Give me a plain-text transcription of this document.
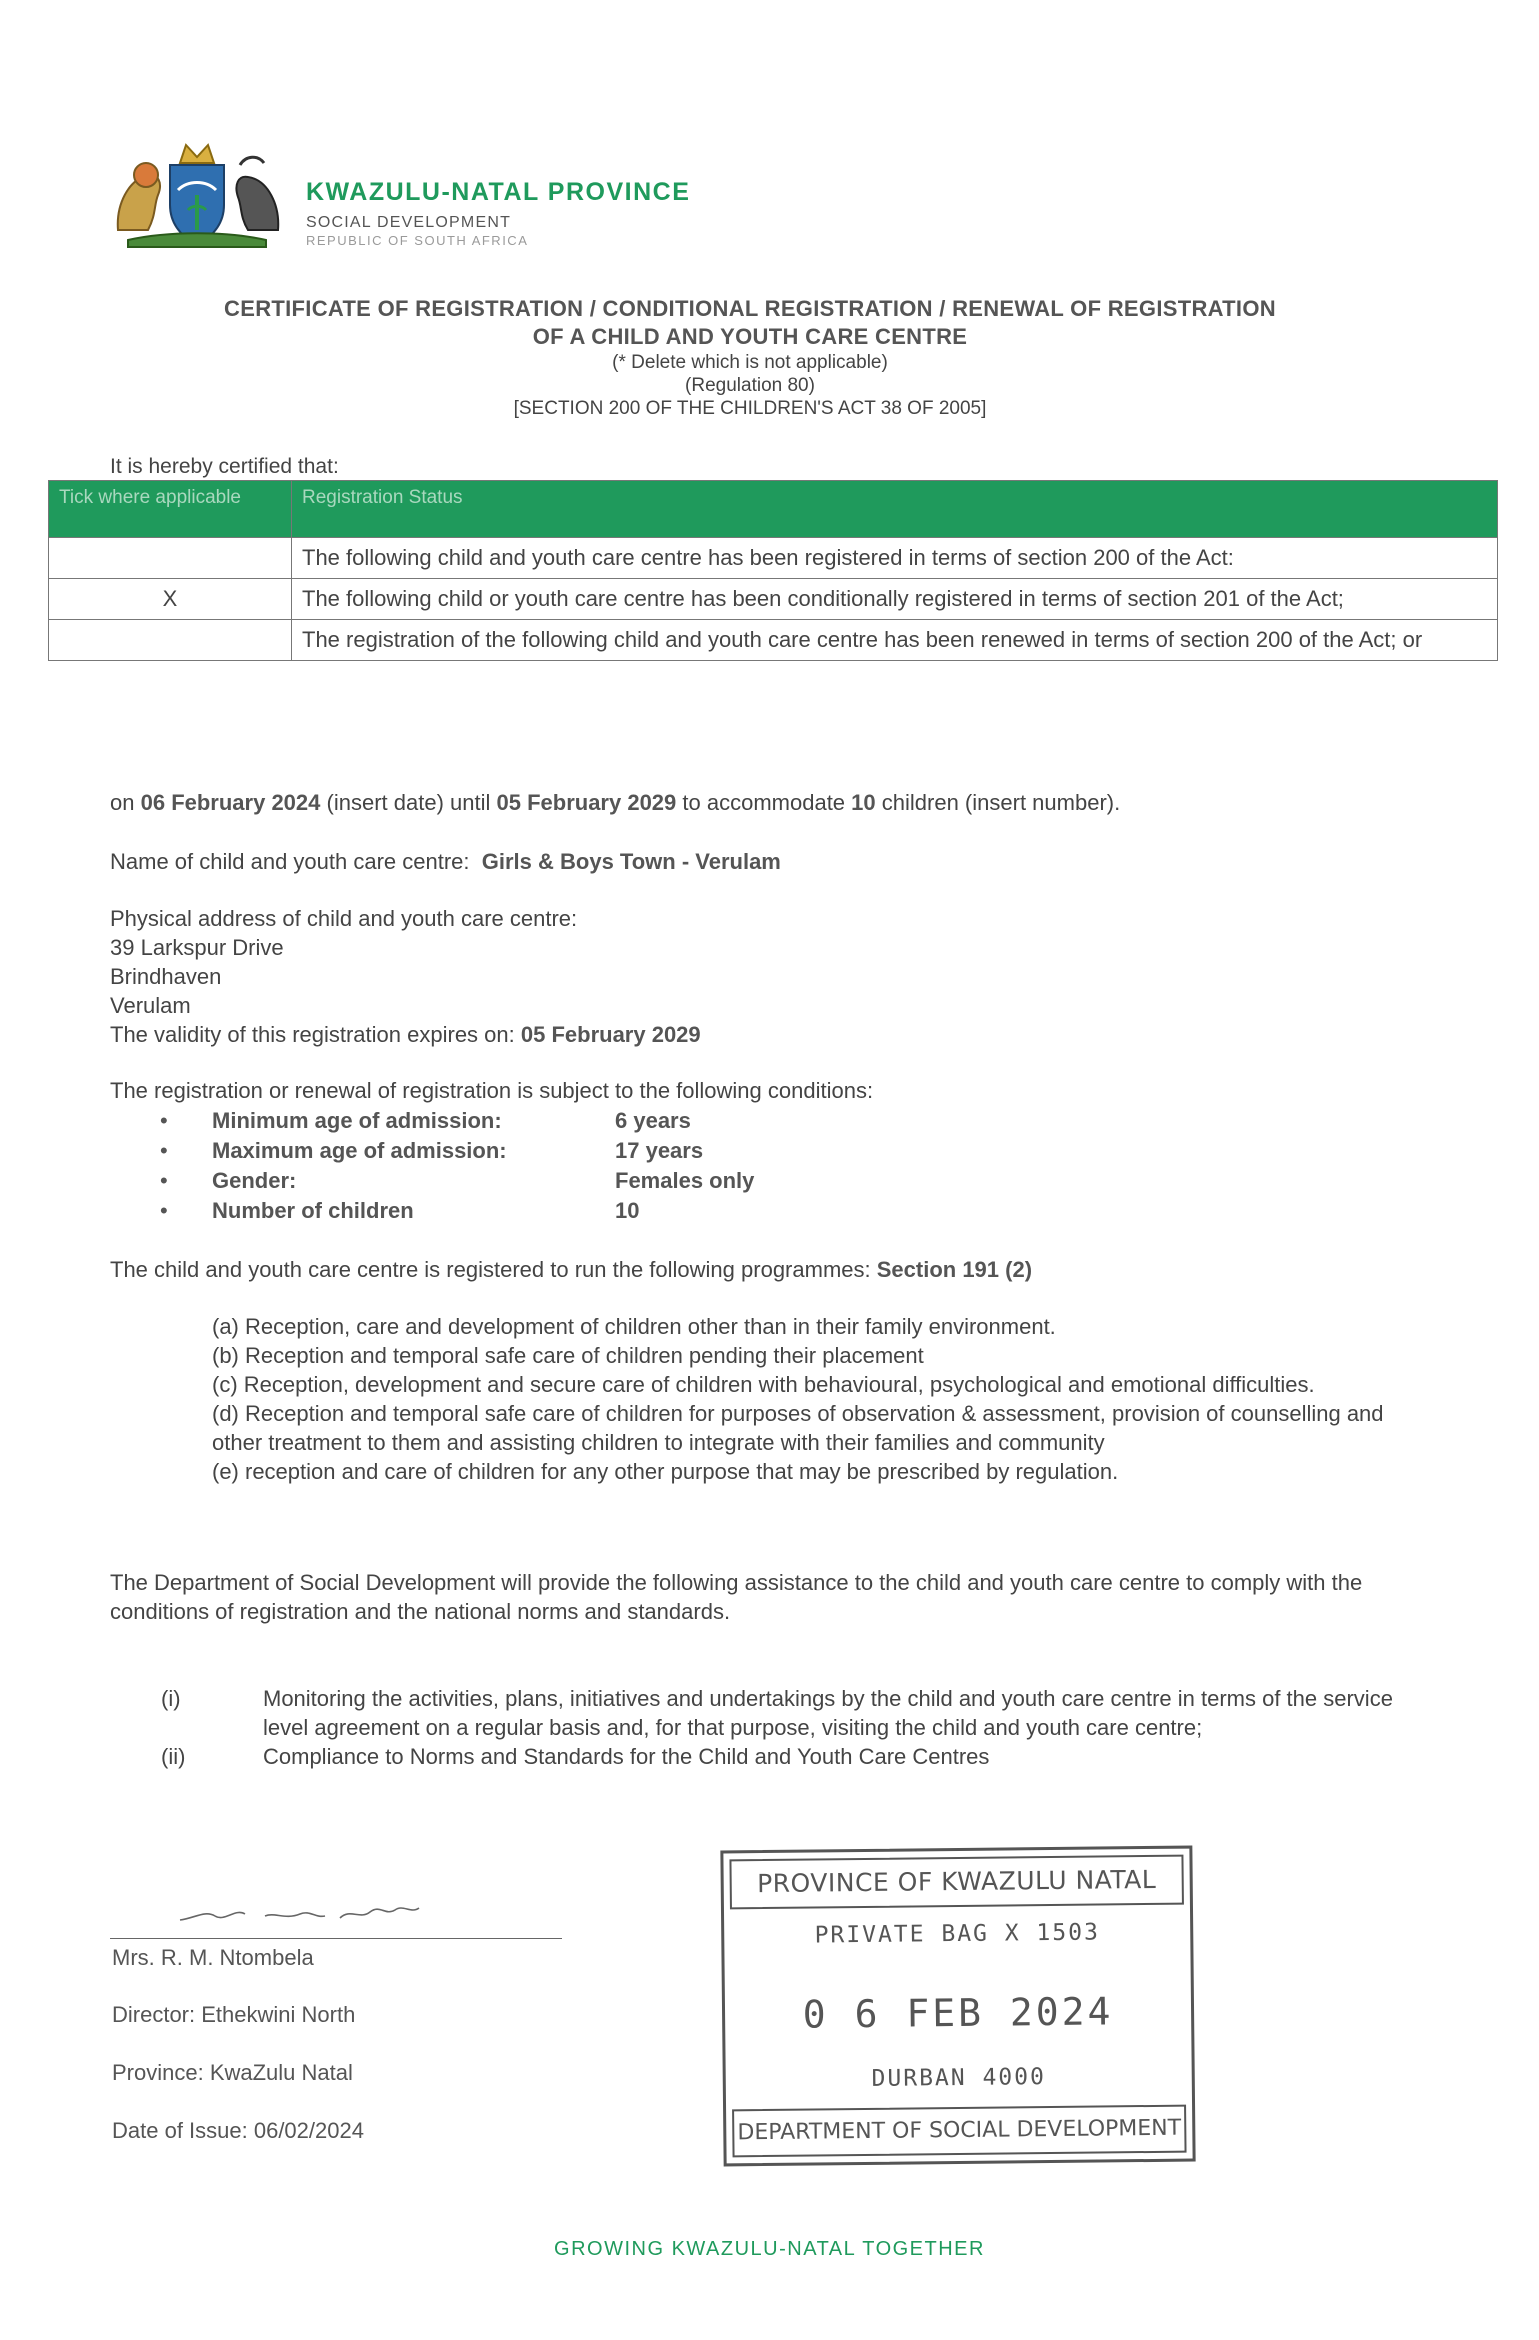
KWAZULU-NATAL PROVINCE
SOCIAL DEVELOPMENT
REPUBLIC OF SOUTH AFRICA
CERTIFICATE OF REGISTRATION / CONDITIONAL REGISTRATION / RENEWAL OF REGISTRATION
OF A CHILD AND YOUTH CARE CENTRE
(* Delete which is not applicable)
(Regulation 80)
[SECTION 200 OF THE CHILDREN'S ACT 38 OF 2005]
It is hereby certified that:
Tick where applicable	Registration Status
	The following child and youth care centre has been registered in terms of section 200 of the Act:
X	The following child or youth care centre has been conditionally registered in terms of section 201 of the Act;
	The registration of the following child and youth care centre has been renewed in terms of section 200 of the Act; or
on 06 February 2024 (insert date) until 05 February 2029 to accommodate 10 children (insert number).
Name of child and youth care centre: Girls & Boys Town - Verulam
Physical address of child and youth care centre:
39 Larkspur Drive
Brindhaven
Verulam
The validity of this registration expires on: 05 February 2029
The registration or renewal of registration is subject to the following conditions:
• Minimum age of admission:	6 years
• Maximum age of admission:	17 years
• Gender:	Females only
• Number of children	10
The child and youth care centre is registered to run the following programmes: Section 191 (2)
(a) Reception, care and development of children other than in their family environment.
(b) Reception and temporal safe care of children pending their placement
(c) Reception, development and secure care of children with behavioural, psychological and emotional difficulties.
(d) Reception and temporal safe care of children for purposes of observation & assessment, provision of counselling and other treatment to them and assisting children to integrate with their families and community
(e) reception and care of children for any other purpose that may be prescribed by regulation.
The Department of Social Development will provide the following assistance to the child and youth care centre to comply with the conditions of registration and the national norms and standards.
(i)	Monitoring the activities, plans, initiatives and undertakings by the child and youth care centre in terms of the service level agreement on a regular basis and, for that purpose, visiting the child and youth care centre;
(ii)	Compliance to Norms and Standards for the Child and Youth Care Centres
Mrs. R. M. Ntombela
Director: Ethekwini North
Province: KwaZulu Natal
Date of Issue: 06/02/2024
PROVINCE OF KWAZULU NATAL
PRIVATE BAG X 1503
0 6 FEB 2024
DURBAN 4000
DEPARTMENT OF SOCIAL DEVELOPMENT
GROWING KWAZULU-NATAL TOGETHER
